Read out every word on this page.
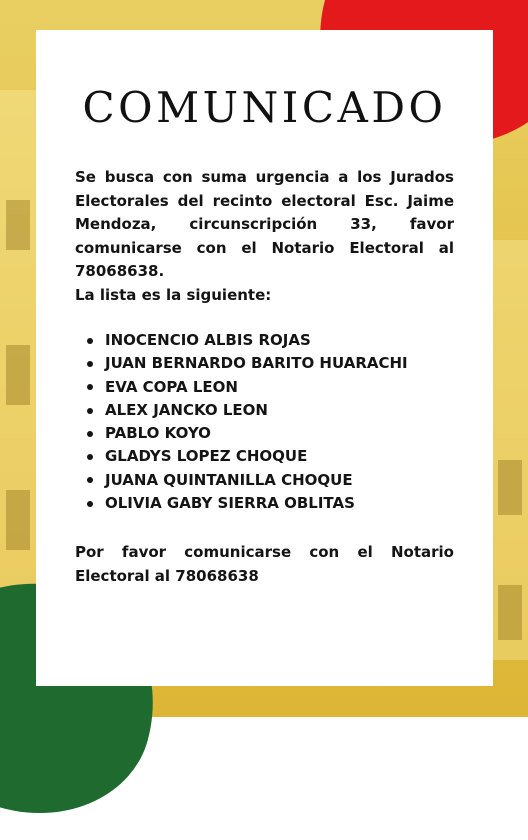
COMUNICADO
Se busca con suma urgencia a los Jurados Electorales del recinto electoral Esc. Jaime Mendoza, circunscripción 33, favor comunicarse con el Notario Electoral al 78068638.
La lista es la siguiente:
INOCENCIO ALBIS ROJAS
JUAN BERNARDO BARITO HUARACHI
EVA COPA LEON
ALEX JANCKO LEON
PABLO KOYO
GLADYS LOPEZ CHOQUE
JUANA QUINTANILLA CHOQUE
OLIVIA GABY SIERRA OBLITAS

Por favor comunicarse con el Notario Electoral al 78068638
